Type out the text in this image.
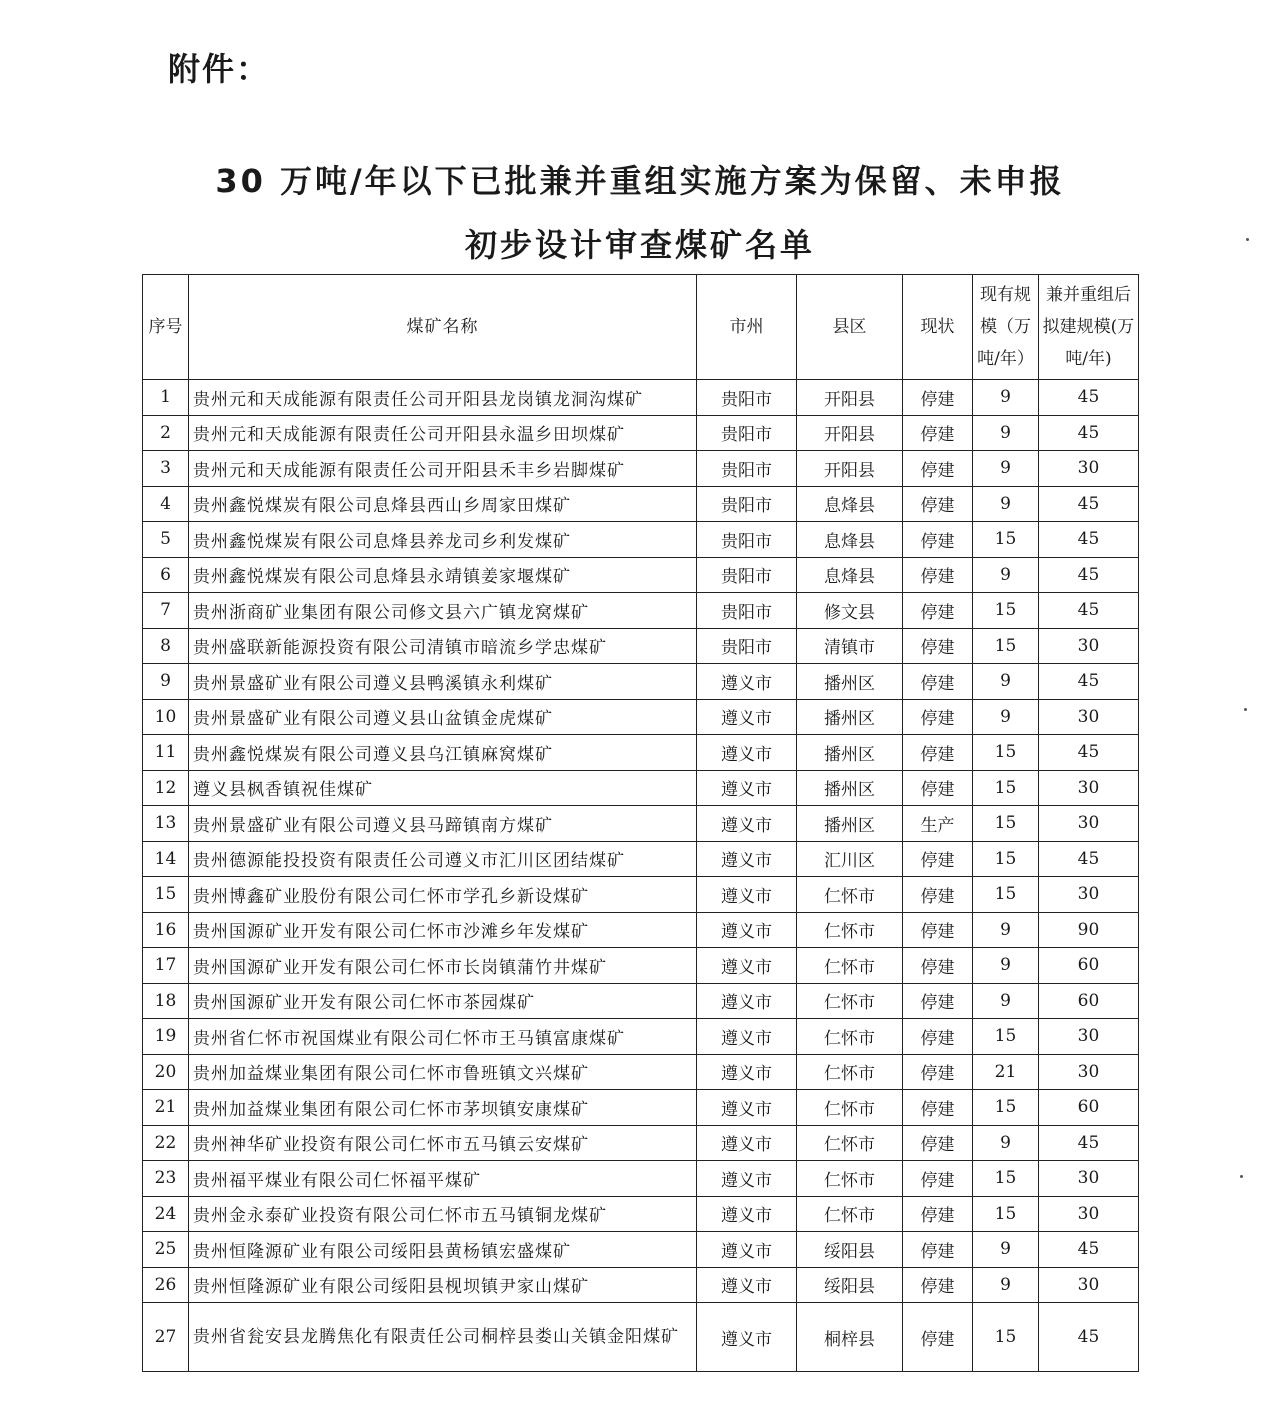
附件：
30 万吨/年以下已批兼并重组实施方案为保留、未申报
初步设计审查煤矿名单
序号	煤矿名称	市州	县区	现状	现有规模（万吨/年）	兼并重组后拟建规模(万吨/年)
1	贵州元和天成能源有限责任公司开阳县龙岗镇龙洞沟煤矿	贵阳市	开阳县	停建	9	45
2	贵州元和天成能源有限责任公司开阳县永温乡田坝煤矿	贵阳市	开阳县	停建	9	45
3	贵州元和天成能源有限责任公司开阳县禾丰乡岩脚煤矿	贵阳市	开阳县	停建	9	30
4	贵州鑫悦煤炭有限公司息烽县西山乡周家田煤矿	贵阳市	息烽县	停建	9	45
5	贵州鑫悦煤炭有限公司息烽县养龙司乡利发煤矿	贵阳市	息烽县	停建	15	45
6	贵州鑫悦煤炭有限公司息烽县永靖镇姜家堰煤矿	贵阳市	息烽县	停建	9	45
7	贵州浙商矿业集团有限公司修文县六广镇龙窝煤矿	贵阳市	修文县	停建	15	45
8	贵州盛联新能源投资有限公司清镇市暗流乡学忠煤矿	贵阳市	清镇市	停建	15	30
9	贵州景盛矿业有限公司遵义县鸭溪镇永利煤矿	遵义市	播州区	停建	9	45
10	贵州景盛矿业有限公司遵义县山盆镇金虎煤矿	遵义市	播州区	停建	9	30
11	贵州鑫悦煤炭有限公司遵义县乌江镇麻窝煤矿	遵义市	播州区	停建	15	45
12	遵义县枫香镇祝佳煤矿	遵义市	播州区	停建	15	30
13	贵州景盛矿业有限公司遵义县马蹄镇南方煤矿	遵义市	播州区	生产	15	30
14	贵州德源能投投资有限责任公司遵义市汇川区团结煤矿	遵义市	汇川区	停建	15	45
15	贵州博鑫矿业股份有限公司仁怀市学孔乡新设煤矿	遵义市	仁怀市	停建	15	30
16	贵州国源矿业开发有限公司仁怀市沙滩乡年发煤矿	遵义市	仁怀市	停建	9	90
17	贵州国源矿业开发有限公司仁怀市长岗镇蒲竹井煤矿	遵义市	仁怀市	停建	9	60
18	贵州国源矿业开发有限公司仁怀市茶园煤矿	遵义市	仁怀市	停建	9	60
19	贵州省仁怀市祝国煤业有限公司仁怀市王马镇富康煤矿	遵义市	仁怀市	停建	15	30
20	贵州加益煤业集团有限公司仁怀市鲁班镇文兴煤矿	遵义市	仁怀市	停建	21	30
21	贵州加益煤业集团有限公司仁怀市茅坝镇安康煤矿	遵义市	仁怀市	停建	15	60
22	贵州神华矿业投资有限公司仁怀市五马镇云安煤矿	遵义市	仁怀市	停建	9	45
23	贵州福平煤业有限公司仁怀福平煤矿	遵义市	仁怀市	停建	15	30
24	贵州金永泰矿业投资有限公司仁怀市五马镇铜龙煤矿	遵义市	仁怀市	停建	15	30
25	贵州恒隆源矿业有限公司绥阳县黄杨镇宏盛煤矿	遵义市	绥阳县	停建	9	45
26	贵州恒隆源矿业有限公司绥阳县枧坝镇尹家山煤矿	遵义市	绥阳县	停建	9	30
27	贵州省瓮安县龙腾焦化有限责任公司桐梓县娄山关镇金阳煤矿	遵义市	桐梓县	停建	15	45
